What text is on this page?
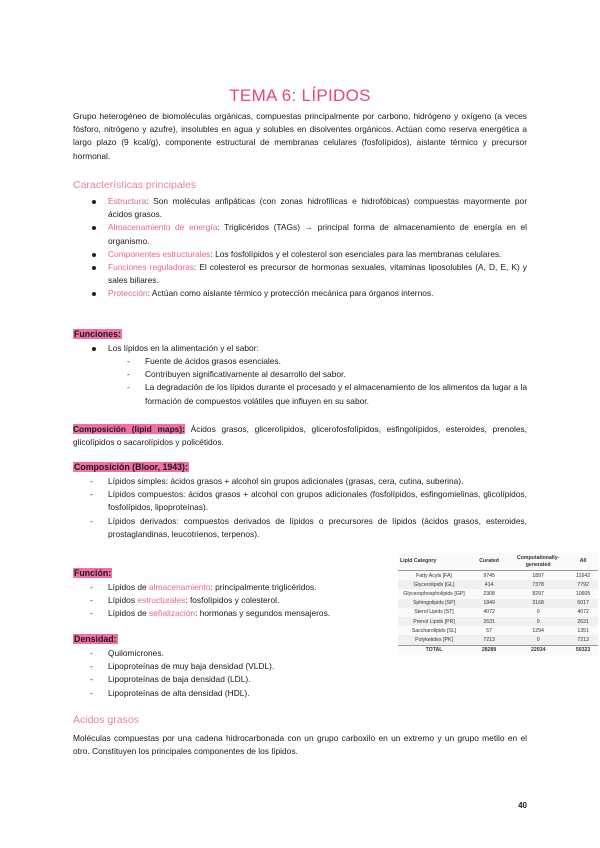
TEMA 6: LÍPIDOS
Grupo heterogéneo de biomoléculas orgánicas, compuestas principalmente por carbono, hidrógeno y oxígeno (a veces fósforo, nitrógeno y azufre), insolubles en agua y solubles en disolventes orgánicos. Actúan como reserva energética a largo plazo (9 kcal/g), componente estructural de membranas celulares (fosfolípidos), aislante térmico y precursor hormonal.
Características principales
Estructura: Son moléculas anfipáticas (con zonas hidrofílicas e hidrofóbicas) compuestas mayormente por ácidos grasos.
Almacenamiento de energía: Triglicéridos (TAGs) → principal forma de almacenamiento de energía en el organismo.
Componentes estructurales: Los fosfolípidos y el colesterol son esenciales para las membranas celulares.
Funciones reguladoras: El colesterol es precursor de hormonas sexuales, vitaminas liposolubles (A, D, E, K) y sales biliares.
Protección: Actúan como aislante térmico y protección mecánica para órganos internos.
Funciones:
Los lípidos en la alimentación y el sabor:
- Fuente de ácidos grasos esenciales.
- Contribuyen significativamente al desarrollo del sabor.
- La degradación de los lípidos durante el procesado y el almacenamiento de los alimentos da lugar a la formación de compuestos volátiles que influyen en su sabor.
Composición (lipid maps): Ácidos grasos, glicerolípidos, glicerofosfolípidos, esfingolípidos, esteroides, prenoles, glicolípidos o sacarolípidos y policétidos.
Composición (Bloor, 1943):
- Lípidos simples: ácidos grasos + alcohol sin grupos adicionales (grasas, cera, cutina, suberina).
- Lípidos compuestos: ácidos grasos + alcohol con grupos adicionales (fosfolípidos, esfingomielinas, glicolípidos, fosfolípidos, lipoproteínas).
- Lípidos derivados: compuestos derivados de lípidos o precursores de lípidos (ácidos grasos, esteroides, prostaglandinas, leucotrienos, terpenos).
Función:
- Lípidos de almacenamiento: principalmente triglicéridos.
- Lípidos estructurales: fosfolípidos y colesterol.
- Lípidos de señalización: hormonas y segundos mensajeros.
Densidad:
- Quilomicrones.
- Lipoproteínas de muy baja densidad (VLDL).
- Lipoproteínas de baja densidad (LDL).
- Lipoproteínas de alta densidad (HDL).
Lipid Category	Curated	Computationally-generated	All
Fatty Acyls [FA]	9745	1897	11642
Glycerolipids [GL]	414	7378	7792
Glycerophospholipids [GP]	2308	8297	10605
Sphingolipids [SP]	1849	3168	5017
Sterol Lipids [ST]	4072	0	4072
Prenol Lipids [PR]	2631	0	2631
Saccharolipids [SL]	57	1294	1351
Polyketides [PK]	7213	0	7213
TOTAL	28289	22034	50323
Ácidos grasos
Moléculas compuestas por una cadena hidrocarbonada con un grupo carboxilo en un extremo y un grupo metilo en el otro. Constituyen los principales componentes de los lípidos.
40
